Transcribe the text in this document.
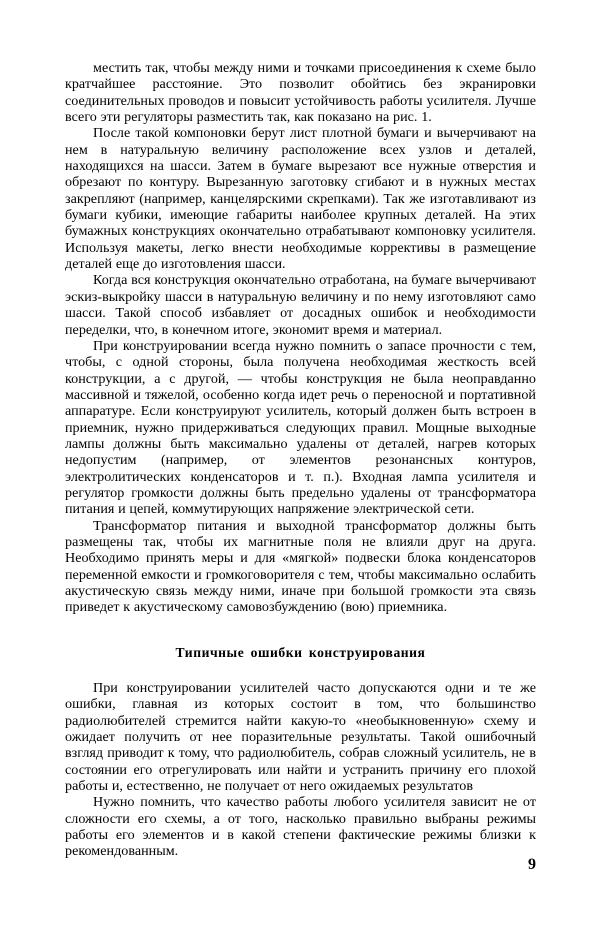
местить так, чтобы между ними и точками присоединения к схеме было кратчайшее расстояние. Это позволит обойтись без экранировки соединительных проводов и повысит устойчивость работы усилителя. Лучше всего эти регуляторы разместить так, как показано на рис. 1.

После такой компоновки берут лист плотной бумаги и вычерчивают на нем в натуральную величину расположение всех узлов и деталей, находящихся на шасси. Затем в бумаге вырезают все нужные отверстия и обрезают по контуру. Вырезанную заготовку сгибают и в нужных местах закрепляют (например, канцелярскими скрепками). Так же изготавливают из бумаги кубики, имеющие габариты наиболее крупных деталей. На этих бумажных конструкциях окончательно отрабатывают компоновку усилителя. Используя макеты, легко внести необходимые коррективы в размещение деталей еще до изготовления шасси.

Когда вся конструкция окончательно отработана, на бумаге вычерчивают эскиз-выкройку шасси в натуральную величину и по нему изготовляют само шасси. Такой способ избавляет от досадных ошибок и необходимости переделки, что, в конечном итоге, экономит время и материал.

При конструировании всегда нужно помнить о запасе прочности с тем, чтобы, с одной стороны, была получена необходимая жесткость всей конструкции, а с другой, — чтобы конструкция не была неоправданно массивной и тяжелой, особенно когда идет речь о переносной и портативной аппаратуре. Если конструируют усилитель, который должен быть встроен в приемник, нужно придерживаться следующих правил. Мощные выходные лампы должны быть максимально удалены от деталей, нагрев которых недопустим (например, от элементов резонансных контуров, электролитических конденсаторов и т. п.). Входная лампа усилителя и регулятор громкости должны быть предельно удалены от трансформатора питания и цепей, коммутирующих напряжение электрической сети.

Трансформатор питания и выходной трансформатор должны быть размещены так, чтобы их магнитные поля не влияли друг на друга. Необходимо принять меры и для «мягкой» подвески блока конденсаторов переменной емкости и громкоговорителя с тем, чтобы максимально ослабить акустическую связь между ними, иначе при большой громкости эта связь приведет к акустическому самовозбуждению (вою) приемника.

Типичные ошибки конструирования

При конструировании усилителей часто допускаются одни и те же ошибки, главная из которых состоит в том, что большинство радиолюбителей стремится найти какую-то «необыкновенную» схему и ожидает получить от нее поразительные результаты. Такой ошибочный взгляд приводит к тому, что радиолюбитель, собрав сложный усилитель, не в состоянии его отрегулировать или найти и устранить причину его плохой работы и, естественно, не получает от него ожидаемых результатов

Нужно помнить, что качество работы любого усилителя зависит не от сложности его схемы, а от того, насколько правильно выбраны режимы работы его элементов и в какой степени фактические режимы близки к рекомендованным.

9
